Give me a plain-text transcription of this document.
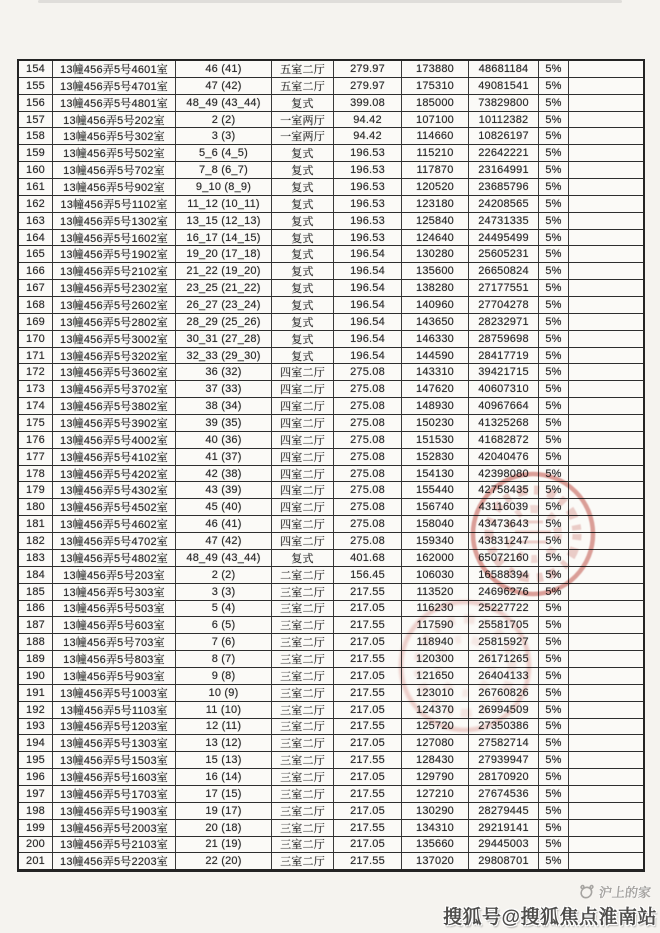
154	13幢456弄5号4601室	46 (41)	五室二厅	279.97	173880	48681184	5%
155	13幢456弄5号4701室	47 (42)	五室二厅	279.97	175310	49081541	5%
156	13幢456弄5号4801室	48_49 (43_44)	复式	399.08	185000	73829800	5%
157	13幢456弄5号202室	2 (2)	一室两厅	94.42	107100	10112382	5%
158	13幢456弄5号302室	3 (3)	一室两厅	94.42	114660	10826197	5%
159	13幢456弄5号502室	5_6 (4_5)	复式	196.53	115210	22642221	5%
160	13幢456弄5号702室	7_8 (6_7)	复式	196.53	117870	23164991	5%
161	13幢456弄5号902室	9_10 (8_9)	复式	196.53	120520	23685796	5%
162	13幢456弄5号1102室	11_12 (10_11)	复式	196.53	123180	24208565	5%
163	13幢456弄5号1302室	13_15 (12_13)	复式	196.53	125840	24731335	5%
164	13幢456弄5号1602室	16_17 (14_15)	复式	196.53	124640	24495499	5%
165	13幢456弄5号1902室	19_20 (17_18)	复式	196.54	130280	25605231	5%
166	13幢456弄5号2102室	21_22 (19_20)	复式	196.54	135600	26650824	5%
167	13幢456弄5号2302室	23_25 (21_22)	复式	196.54	138280	27177551	5%
168	13幢456弄5号2602室	26_27 (23_24)	复式	196.54	140960	27704278	5%
169	13幢456弄5号2802室	28_29 (25_26)	复式	196.54	143650	28232971	5%
170	13幢456弄5号3002室	30_31 (27_28)	复式	196.54	146330	28759698	5%
171	13幢456弄5号3202室	32_33 (29_30)	复式	196.54	144590	28417719	5%
172	13幢456弄5号3602室	36 (32)	四室二厅	275.08	143310	39421715	5%
173	13幢456弄5号3702室	37 (33)	四室二厅	275.08	147620	40607310	5%
174	13幢456弄5号3802室	38 (34)	四室二厅	275.08	148930	40967664	5%
175	13幢456弄5号3902室	39 (35)	四室二厅	275.08	150230	41325268	5%
176	13幢456弄5号4002室	40 (36)	四室二厅	275.08	151530	41682872	5%
177	13幢456弄5号4102室	41 (37)	四室二厅	275.08	152830	42040476	5%
178	13幢456弄5号4202室	42 (38)	四室二厅	275.08	154130	42398080	5%
179	13幢456弄5号4302室	43 (39)	四室二厅	275.08	155440	42758435	5%
180	13幢456弄5号4502室	45 (40)	四室二厅	275.08	156740	43116039	5%
181	13幢456弄5号4602室	46 (41)	四室二厅	275.08	158040	43473643	5%
182	13幢456弄5号4702室	47 (42)	四室二厅	275.08	159340	43831247	5%
183	13幢456弄5号4802室	48_49 (43_44)	复式	401.68	162000	65072160	5%
184	13幢456弄5号203室	2 (2)	二室二厅	156.45	106030	16588394	5%
185	13幢456弄5号303室	3 (3)	三室二厅	217.55	113520	24696276	5%
186	13幢456弄5号503室	5 (4)	三室二厅	217.05	116230	25227722	5%
187	13幢456弄5号603室	6 (5)	三室二厅	217.55	117590	25581705	5%
188	13幢456弄5号703室	7 (6)	三室二厅	217.05	118940	25815927	5%
189	13幢456弄5号803室	8 (7)	三室二厅	217.55	120300	26171265	5%
190	13幢456弄5号903室	9 (8)	三室二厅	217.05	121650	26404133	5%
191	13幢456弄5号1003室	10 (9)	三室二厅	217.55	123010	26760826	5%
192	13幢456弄5号1103室	11 (10)	三室二厅	217.05	124370	26994509	5%
193	13幢456弄5号1203室	12 (11)	三室二厅	217.55	125720	27350386	5%
194	13幢456弄5号1303室	13 (12)	三室二厅	217.05	127080	27582714	5%
195	13幢456弄5号1503室	15 (13)	三室二厅	217.55	128430	27939947	5%
196	13幢456弄5号1603室	16 (14)	三室二厅	217.05	129790	28170920	5%
197	13幢456弄5号1703室	17 (15)	三室二厅	217.55	127210	27674536	5%
198	13幢456弄5号1903室	19 (17)	三室二厅	217.05	130290	28279445	5%
199	13幢456弄5号2003室	20 (18)	三室二厅	217.55	134310	29219141	5%
200	13幢456弄5号2103室	21 (19)	三室二厅	217.05	135660	29445003	5%
201	13幢456弄5号2203室	22 (20)	三室二厅	217.55	137020	29808701	5%
沪上的家
搜狐号@搜狐焦点淮南站
